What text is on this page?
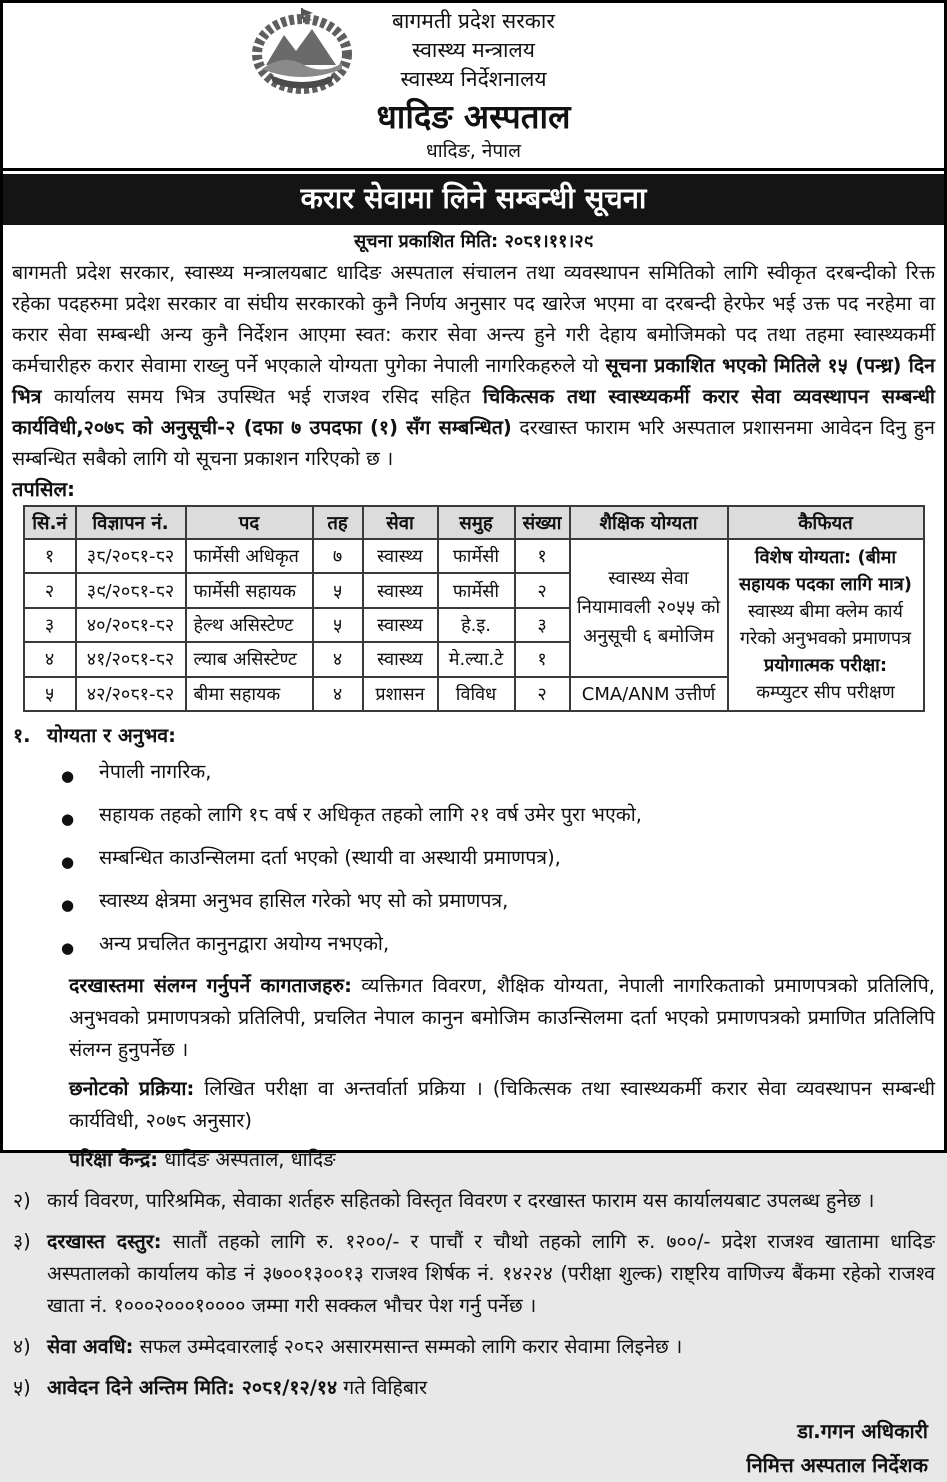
बागमती प्रदेश सरकार
स्वास्थ्य मन्त्रालय
स्वास्थ्य निर्देशनालय
धादिङ अस्पताल
धादिङ, नेपाल
करार सेवामा लिने सम्बन्धी सूचना
सूचना प्रकाशित मिति: २०८१।११।२९
बागमती प्रदेश सरकार, स्वास्थ्य मन्त्रालयबाट धादिङ अस्पताल संचालन तथा व्यवस्थापन समितिको लागि स्वीकृत दरबन्दीको रिक्त रहेका पदहरुमा प्रदेश सरकार वा संघीय सरकारको कुनै निर्णय अनुसार पद खारेज भएमा वा दरबन्दी हेरफेर भई उक्त पद नरहेमा वा करार सेवा सम्बन्धी अन्य कुनै निर्देशन आएमा स्वत: करार सेवा अन्त्य हुने गरी देहाय बमोजिमको पद तथा तहमा स्वास्थ्यकर्मी कर्मचारीहरु करार सेवामा राख्नु पर्ने भएकाले योग्यता पुगेका नेपाली नागरिकहरुले यो सूचना प्रकाशित भएको मितिले १५ (पन्ध्र) दिन भित्र कार्यालय समय भित्र उपस्थित भई राजश्व रसिद सहित चिकित्सक तथा स्वास्थ्यकर्मी करार सेवा व्यवस्थापन सम्बन्धी कार्यविधी,२०७८ को अनुसूची-२ (दफा ७ उपदफा (१) सँग सम्बन्धित) दरखास्त फाराम भरि अस्पताल प्रशासनमा आवेदन दिनु हुन सम्बन्धित सबैको लागि यो सूचना प्रकाशन गरिएको छ ।
तपसिल:
सि.नं	विज्ञापन नं.	पद	तह	सेवा	समुह	संख्या	शैक्षिक योग्यता	कैफियत
१	३८/२०८१-८२	फार्मेसी अधिकृत	७	स्वास्थ्य	फार्मेसी	१	स्वास्थ्य सेवा नियामावली २०५५ को अनुसूची ६ बमोजिम	विशेष योग्यता: (बीमा सहायक पदका लागि मात्र) स्वास्थ्य बीमा क्लेम कार्य गरेको अनुभवको प्रमाणपत्र प्रयोगात्मक परीक्षा: कम्प्युटर सीप परीक्षण
२	३९/२०८१-८२	फार्मेसी सहायक	५	स्वास्थ्य	फार्मेसी	२		
३	४०/२०८१-८२	हेल्थ असिस्टेण्ट	५	स्वास्थ्य	हे.इ.	३		
४	४१/२०८१-८२	ल्याब असिस्टेण्ट	४	स्वास्थ्य	मे.ल्या.टे	१		
५	४२/२०८१-८२	बीमा सहायक	४	प्रशासन	विविध	२	CMA/ANM उत्तीर्ण	
१. योग्यता र अनुभव:
●	नेपाली नागरिक,
●	सहायक तहको लागि १८ वर्ष र अधिकृत तहको लागि २१ वर्ष उमेर पुरा भएको,
●	सम्बन्धित काउन्सिलमा दर्ता भएको (स्थायी वा अस्थायी प्रमाणपत्र),
●	स्वास्थ्य क्षेत्रमा अनुभव हासिल गरेको भए सो को प्रमाणपत्र,
●	अन्य प्रचलित कानुनद्वारा अयोग्य नभएको,
दरखास्तमा संलग्न गर्नुपर्ने कागताजहरु: व्यक्तिगत विवरण, शैक्षिक योग्यता, नेपाली नागरिकताको प्रमाणपत्रको प्रतिलिपि, अनुभवको प्रमाणपत्रको प्रतिलिपी, प्रचलित नेपाल कानुन बमोजिम काउन्सिलमा दर्ता भएको प्रमाणपत्रको प्रमाणित प्रतिलिपि संलग्न हुनुपर्नेछ ।
छनोटको प्रक्रिया: लिखित परीक्षा वा अन्तर्वार्ता प्रक्रिया । (चिकित्सक तथा स्वास्थ्यकर्मी करार सेवा व्यवस्थापन सम्बन्धी कार्यविधी, २०७८ अनुसार)
परिक्षा केन्द्र: धादिङ अस्पताल, धादिङ
२) कार्य विवरण, पारिश्रमिक, सेवाका शर्तहरु सहितको विस्तृत विवरण र दरखास्त फाराम यस कार्यालयबाट उपलब्ध हुनेछ ।
३) दरखास्त दस्तुर: सातौं तहको लागि रु. १२००/- र पाचौं र चौथो तहको लागि रु. ७००/- प्रदेश राजश्व खातामा धादिङ अस्पतालको कार्यालय कोड नं ३७००१३००१३ राजश्व शिर्षक नं. १४२२४ (परीक्षा शुल्क) राष्ट्रिय वाणिज्य बैंकमा रहेको राजश्व खाता नं. १०००२०००१०००० जम्मा गरी सक्कल भौचर पेश गर्नु पर्नेछ ।
४) सेवा अवधि: सफल उम्मेदवारलाई २०८२ असारमसान्त सम्मको लागि करार सेवामा लिइनेछ ।
५) आवेदन दिने अन्तिम मिति: २०८१/१२/१४ गते विहिबार
डा.गगन अधिकारी
निमित्त अस्पताल निर्देशक
